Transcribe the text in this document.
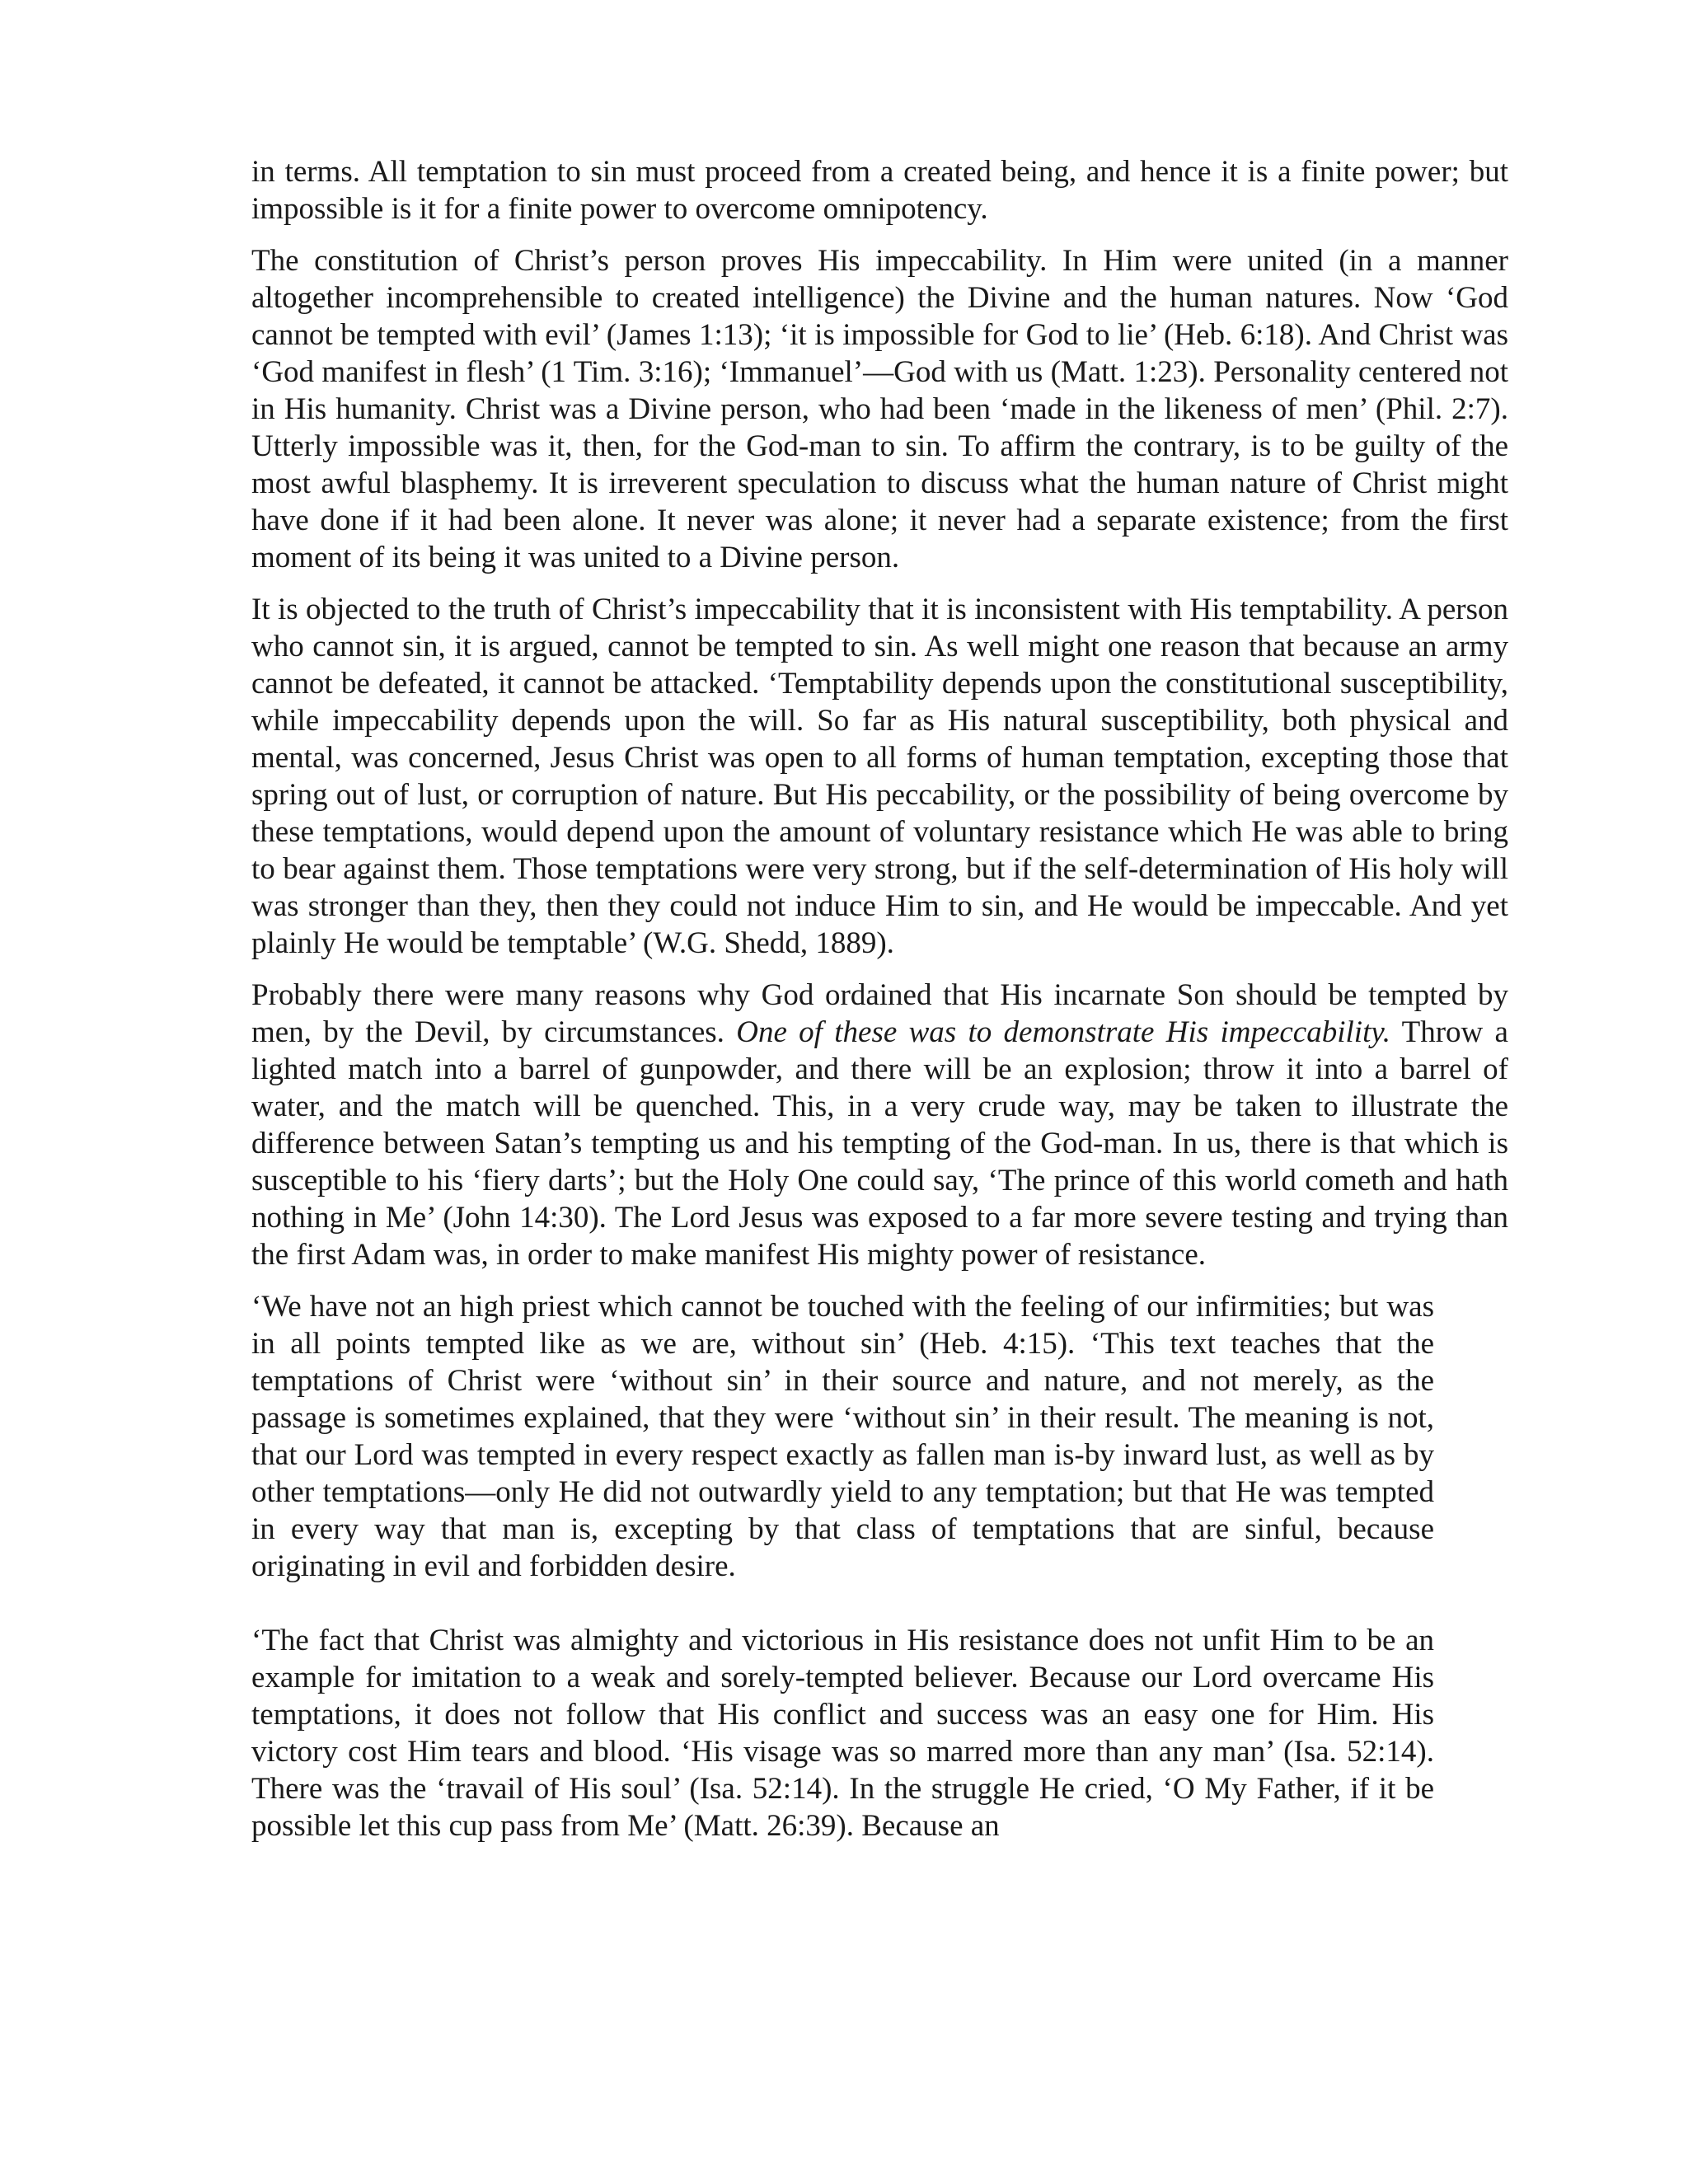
in terms. All temptation to sin must proceed from a created being, and hence it is a finite power; but impossible is it for a finite power to overcome omnipotency.

The constitution of Christ’s person proves His impeccability. In Him were united (in a manner altogether incomprehensible to created intelligence) the Divine and the human natures. Now ‘God cannot be tempted with evil’ (James 1:13); ‘it is impossible for God to lie’ (Heb. 6:18). And Christ was ‘God manifest in flesh’ (1 Tim. 3:16); ‘Immanuel’—God with us (Matt. 1:23). Personality centered not in His humanity. Christ was a Divine person, who had been ‘made in the likeness of men’ (Phil. 2:7). Utterly impossible was it, then, for the God-man to sin. To affirm the contrary, is to be guilty of the most awful blasphemy. It is irreverent speculation to discuss what the human nature of Christ might have done if it had been alone. It never was alone; it never had a separate existence; from the first moment of its being it was united to a Divine person.

It is objected to the truth of Christ’s impeccability that it is inconsistent with His temptability. A person who cannot sin, it is argued, cannot be tempted to sin. As well might one reason that because an army cannot be defeated, it cannot be attacked. ‘Temptability depends upon the constitutional susceptibility, while impeccability depends upon the will. So far as His natural susceptibility, both physical and mental, was concerned, Jesus Christ was open to all forms of human temptation, excepting those that spring out of lust, or corruption of nature. But His peccability, or the possibility of being overcome by these temptations, would depend upon the amount of voluntary resistance which He was able to bring to bear against them. Those temptations were very strong, but if the self-determination of His holy will was stronger than they, then they could not induce Him to sin, and He would be impeccable. And yet plainly He would be temptable’ (W.G. Shedd, 1889).

Probably there were many reasons why God ordained that His incarnate Son should be tempted by men, by the Devil, by circumstances. One of these was to demonstrate His impeccability. Throw a lighted match into a barrel of gunpowder, and there will be an explosion; throw it into a barrel of water, and the match will be quenched. This, in a very crude way, may be taken to illustrate the difference between Satan’s tempting us and his tempting of the God-man. In us, there is that which is susceptible to his ‘fiery darts’; but the Holy One could say, ‘The prince of this world cometh and hath nothing in Me’ (John 14:30). The Lord Jesus was exposed to a far more severe testing and trying than the first Adam was, in order to make manifest His mighty power of resistance.

‘We have not an high priest which cannot be touched with the feeling of our infirmities; but was in all points tempted like as we are, without sin’ (Heb. 4:15). ‘This text teaches that the temptations of Christ were ‘without sin’ in their source and nature, and not merely, as the passage is sometimes explained, that they were ‘without sin’ in their result. The meaning is not, that our Lord was tempted in every respect exactly as fallen man is-by inward lust, as well as by other temptations—only He did not outwardly yield to any temptation; but that He was tempted in every way that man is, excepting by that class of temptations that are sinful, because originating in evil and forbidden desire.

‘The fact that Christ was almighty and victorious in His resistance does not unfit Him to be an example for imitation to a weak and sorely-tempted believer. Because our Lord overcame His temptations, it does not follow that His conflict and success was an easy one for Him. His victory cost Him tears and blood. ‘His visage was so marred more than any man’ (Isa. 52:14). There was the ‘travail of His soul’ (Isa. 52:14). In the struggle He cried, ‘O My Father, if it be possible let this cup pass from Me’ (Matt. 26:39). Because an
